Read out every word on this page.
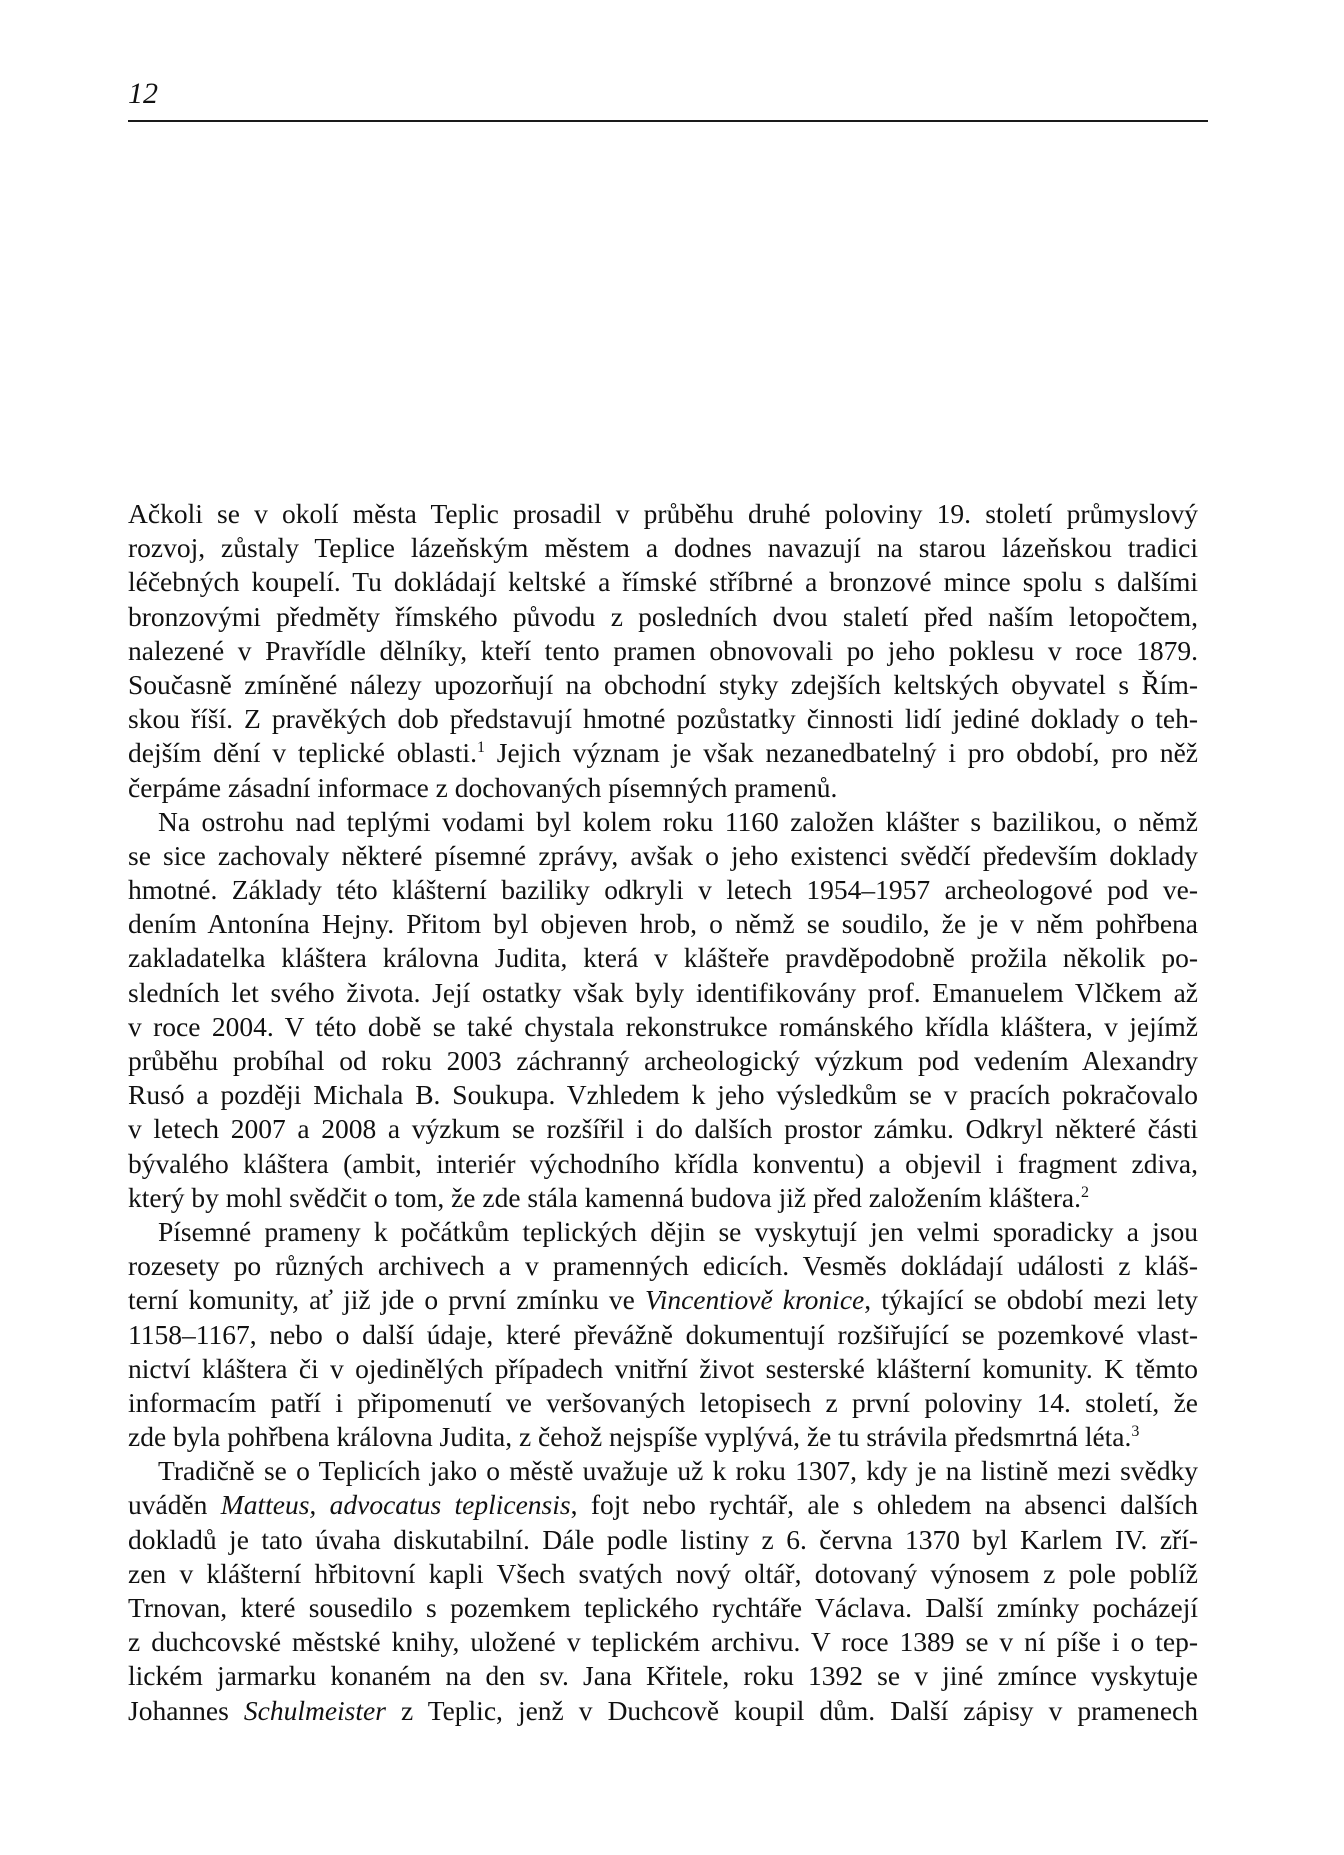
12
Ačkoli se v okolí města Teplic prosadil v průběhu druhé poloviny 19. století průmyslový
rozvoj, zůstaly Teplice lázeňským městem a dodnes navazují na starou lázeňskou tradici
léčebných koupelí. Tu dokládají keltské a římské stříbrné a bronzové mince spolu s dalšími
bronzovými předměty římského původu z posledních dvou staletí před naším letopočtem,
nalezené v Pravřídle dělníky, kteří tento pramen obnovovali po jeho poklesu v roce 1879.
Současně zmíněné nálezy upozorňují na obchodní styky zdejších keltských obyvatel s Řím-
skou říší. Z pravěkých dob představují hmotné pozůstatky činnosti lidí jediné doklady o teh-
dejším dění v teplické oblasti.$^1$ Jejich význam je však nezanedbatelný i pro období, pro něž
čerpáme zásadní informace z dochovaných písemných pramenů.
Na ostrohu nad teplými vodami byl kolem roku 1160 založen klášter s bazilikou, o němž
se sice zachovaly některé písemné zprávy, avšak o jeho existenci svědčí především doklady
hmotné. Základy této klášterní baziliky odkryli v letech 1954–1957 archeologové pod ve-
dením Antonína Hejny. Přitom byl objeven hrob, o němž se soudilo, že je v něm pohřbena
zakladatelka kláštera královna Judita, která v klášteře pravděpodobně prožila několik po-
sledních let svého života. Její ostatky však byly identifikovány prof. Emanuelem Vlčkem až
v roce 2004. V této době se také chystala rekonstrukce románského křídla kláštera, v jejímž
průběhu probíhal od roku 2003 záchranný archeologický výzkum pod vedením Alexandry
Rusó a později Michala B. Soukupa. Vzhledem k jeho výsledkům se v pracích pokračovalo
v letech 2007 a 2008 a výzkum se rozšířil i do dalších prostor zámku. Odkryl některé části
bývalého kláštera (ambit, interiér východního křídla konventu) a objevil i fragment zdiva,
který by mohl svědčit o tom, že zde stála kamenná budova již před založením kláštera.$^2$
Písemné prameny k počátkům teplických dějin se vyskytují jen velmi sporadicky a jsou
rozesety po různých archivech a v pramenných edicích. Vesměs dokládají události z kláš-
terní komunity, ať již jde o první zmínku ve Vincentiově kronice, týkající se období mezi lety
1158–1167, nebo o další údaje, které převážně dokumentují rozšiřující se pozemkové vlast-
nictví kláštera či v ojedinělých případech vnitřní život sesterské klášterní komunity. K těmto
informacím patří i připomenutí ve veršovaných letopisech z první poloviny 14. století, že
zde byla pohřbena královna Judita, z čehož nejspíše vyplývá, že tu strávila předsmrtná léta.$^3$
Tradičně se o Teplicích jako o městě uvažuje už k roku 1307, kdy je na listině mezi svědky
uváděn Matteus, advocatus teplicensis, fojt nebo rychtář, ale s ohledem na absenci dalších
dokladů je tato úvaha diskutabilní. Dále podle listiny z 6. června 1370 byl Karlem IV. zří-
zen v klášterní hřbitovní kapli Všech svatých nový oltář, dotovaný výnosem z pole poblíž
Trnovan, které sousedilo s pozemkem teplického rychtáře Václava. Další zmínky pocházejí
z duchcovské městské knihy, uložené v teplickém archivu. V roce 1389 se v ní píše i o tep-
lickém jarmarku konaném na den sv. Jana Křitele, roku 1392 se v jiné zmínce vyskytuje
Johannes Schulmeister z Teplic, jenž v Duchcově koupil dům. Další zápisy v pramenech
